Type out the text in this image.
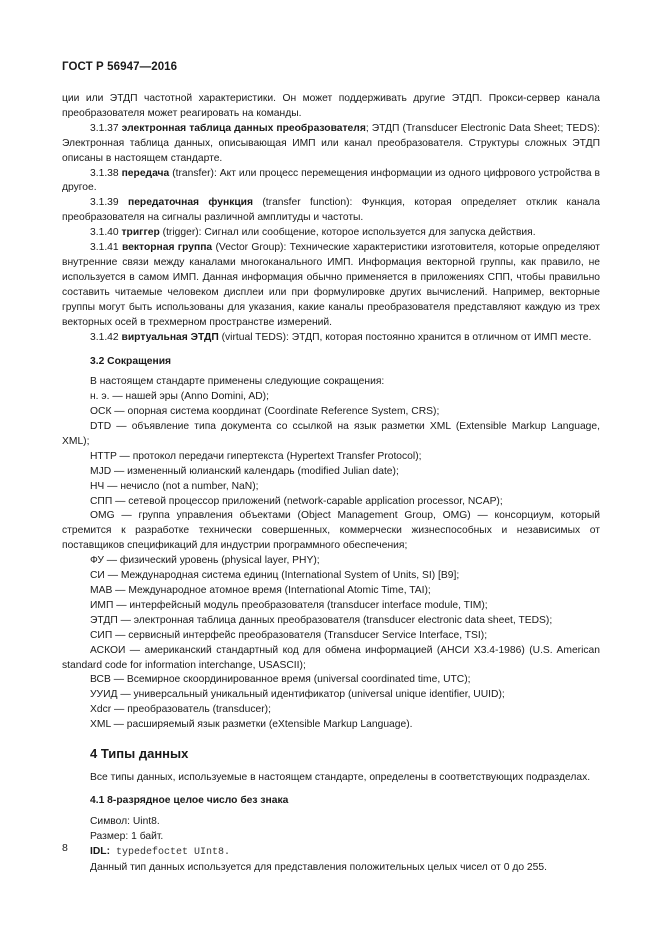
ГОСТ Р 56947—2016

ции или ЭТДП частотной характеристики. Он может поддерживать другие ЭТДП. Прокси-сервер канала преобразователя может реагировать на команды.

3.1.37 электронная таблица данных преобразователя; ЭТДП (Transducer Electronic Data Sheet; TEDS): Электронная таблица данных, описывающая ИМП или канал преобразователя. Структуры сложных ЭТДП описаны в настоящем стандарте.

3.1.38 передача (transfer): Акт или процесс перемещения информации из одного цифрового устройства в другое.

3.1.39 передаточная функция (transfer function): Функция, которая определяет отклик канала преобразователя на сигналы различной амплитуды и частоты.

3.1.40 триггер (trigger): Сигнал или сообщение, которое используется для запуска действия.

3.1.41 векторная группа (Vector Group): Технические характеристики изготовителя, которые определяют внутренние связи между каналами многоканального ИМП. Информация векторной группы, как правило, не используется в самом ИМП. Данная информация обычно применяется в приложениях СПП, чтобы правильно составить читаемые человеком дисплеи или при формулировке других вычислений. Например, векторные группы могут быть использованы для указания, какие каналы преобразователя представляют каждую из трех векторных осей в трехмерном пространстве измерений.

3.1.42 виртуальная ЭТДП (virtual TEDS): ЭТДП, которая постоянно хранится в отличном от ИМП месте.

3.2 Сокращения

В настоящем стандарте применены следующие сокращения:

н. э. — нашей эры (Anno Domini, AD);

ОСК — опорная система координат (Coordinate Reference System, CRS);

DTD — объявление типа документа со ссылкой на язык разметки XML (Extensible Markup Language, XML);

HTTP — протокол передачи гипертекста (Hypertext Transfer Protocol);

MJD — измененный юлианский календарь (modified Julian date);

НЧ — нечисло (not a number, NaN);

СПП — сетевой процессор приложений (network-capable application processor, NCAP);

OMG — группа управления объектами (Object Management Group, OMG) — консорциум, который стремится к разработке технически совершенных, коммерчески жизнеспособных и независимых от поставщиков спецификаций для индустрии программного обеспечения;

ФУ — физический уровень (physical layer, PHY);

СИ — Международная система единиц (International System of Units, SI) [B9];

МАВ — Международное атомное время (International Atomic Time, TAI);

ИМП — интерфейсный модуль преобразователя (transducer interface module, TIM);

ЭТДП — электронная таблица данных преобразователя (transducer electronic data sheet, TEDS);

СИП — сервисный интерфейс преобразователя (Transducer Service Interface, TSI);

АСКОИ — американский стандартный код для обмена информацией (АНСИ X3.4-1986) (U.S. American standard code for information interchange, USASCII);

ВСВ — Всемирное скоординированное время (universal coordinated time, UTC);

УУИД — универсальный уникальный идентификатор (universal unique identifier, UUID);

Xdcr — преобразователь (transducer);

XML — расширяемый язык разметки (eXtensible Markup Language).

4 Типы данных

Все типы данных, используемые в настоящем стандарте, определены в соответствующих подразделах.

4.1 8-разрядное целое число без знака

Символ: Uint8.

Размер: 1 байт.

IDL: typedefoctet UInt8.

Данный тип данных используется для представления положительных целых чисел от 0 до 255.

8
